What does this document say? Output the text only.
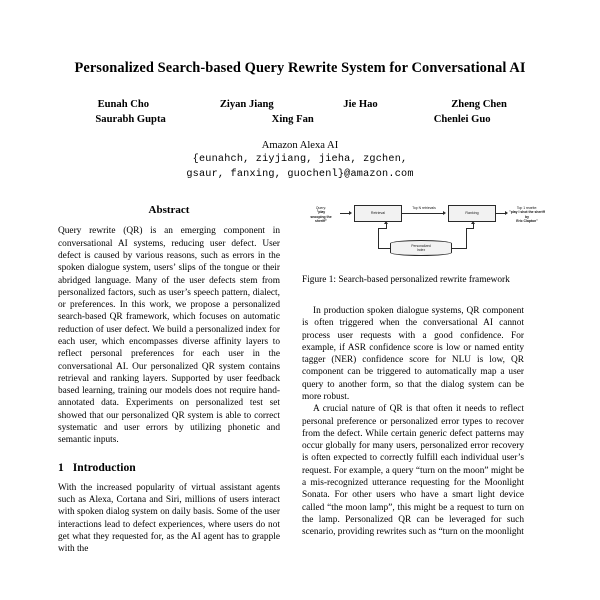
Personalized Search-based Query Rewrite System for Conversational AI
Eunah Cho	Ziyan Jiang	Jie Hao	Zheng Chen
Saurabh Gupta	Xing Fan	Chenlei Guo
Amazon Alexa AI
{eunahch, ziyjiang, jieha, zgchen,
gsaur, fanxing, guochenl}@amazon.com
Abstract

Query rewrite (QR) is an emerging component in conversational AI systems, reducing user defect. User defect is caused by various reasons, such as errors in the spoken dialogue system, users’ slips of the tongue or their abridged language. Many of the user defects stem from personalized factors, such as user’s speech pattern, dialect, or preferences. In this work, we propose a personalized search-based QR framework, which focuses on automatic reduction of user defect. We build a personalized index for each user, which encompasses diverse affinity layers to reflect personal preferences for each user in the conversational AI. Our personalized QR system contains retrieval and ranking layers. Supported by user feedback based learning, training our models does not require hand-annotated data. Experiments on personalized test set showed that our personalized QR system is able to correct systematic and user errors by utilizing phonetic and semantic inputs.

1 Introduction

With the increased popularity of virtual assistant agents such as Alexa, Cortana and Siri, millions of users interact with spoken dialog system on daily basis. Some of the user interactions lead to defect experiences, where users do not get what they requested for, as the AI agent has to grapple with the

Query:
"play
snooping the
sheriff"
Retrieval
Top N retrievals
Ranking
Top 1 rewrite:
"play I shot the sheriff by
Eric Clapton"
Personalized
Index
Figure 1: Search-based personalized rewrite framework

In production spoken dialogue systems, QR component is often triggered when the conversational AI cannot process user requests with a good confidence. For example, if ASR confidence score is low or named entity tagger (NER) confidence score for NLU is low, QR component can be triggered to automatically map a user query to another form, so that the dialog system can be more robust.

A crucial nature of QR is that often it needs to reflect personal preference or personalized error types to recover from the defect. While certain generic defect patterns may occur globally for many users, personalized error recovery is often expected to correctly fulfill each individual user’s request. For example, a query “turn on the moon” might be a mis-recognized utterance requesting for the Moonlight Sonata. For other users who have a smart light device called “the moon lamp”, this might be a request to turn on the lamp. Personalized QR can be leveraged for such scenario, providing rewrites such as “turn on the moonlight
